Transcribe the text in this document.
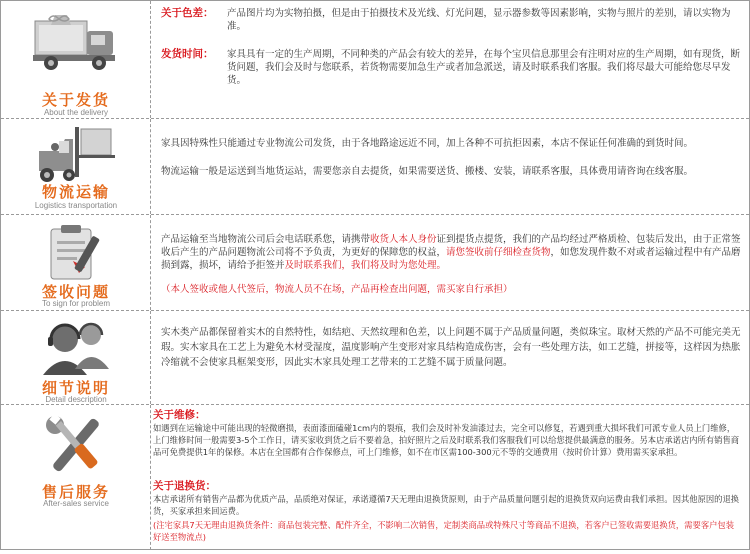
关于发货
About the delivery
关于色差：	产品图片均为实物拍摄，但是由于拍摄技术及光线、灯光问题，显示器参数等因素影响，实物与照片的差别，请以实物为准。
发货时间：	家具具有一定的生产周期，不同种类的产品会有较大的差异，在每个宝贝信息那里会有注明对应的生产周期，如有现货，断货问题，我们会及时与您联系，若货物需要加急生产或者加急派送，请及时联系我们客服。我们将尽最大可能给您尽早发货。
物流运输
Logistics transportation

家具因特殊性只能通过专业物流公司发货，由于各地路途远近不同，加上各种不可抗拒因素，本店不保证任何准确的到货时间。

物流运输一般是运送到当地货运站，需要您亲自去提货，如果需要送货、搬楼、安装，请联系客服，具体费用请咨询在线客服。

签收问题
To sign for problem

产品运输至当地物流公司后会电话联系您，请携带收货人本人身份证到提货点提货，我们的产品均经过严格质检、包装后发出，由于正常签收后产生的产品问题物流公司将不予负责，为更好的保障您的权益，请您签收前仔细检查货物，如您发现件数不对或者运输过程中有产品磨损到露，损坏，请给予拒签并及时联系我们，我们将及时为您处理。

（本人签收或他人代签后，物流人员不在场，产品再检查出问题，需买家自行承担）

细节说明
Detail description

实木类产品都保留着实木的自然特性，如结疤、天然纹理和色差，以上问题不属于产品质量问题，类似珠宝。取材天然的产品不可能完美无瑕。实木家具在工艺上为避免木材受湿度，温度影响产生变形对家具结构造成伤害，会有一些处理方法，如工艺缝，拼接等，这样因为热胀冷缩就不会使家具框架变形，因此实木家具处理工艺带来的工艺缝不属于质量问题。

售后服务
After-sales service

关于维修：

如遇到在运输途中可能出现的轻微磨损，表面漆面磕碰1cm内的裂痕，我们会及时补发油漆过去，完全可以修复，若遇到重大损坏我们可派专业人员上门维修，上门维修时间一般需要3-5个工作日，请买家收到货之后不要着急，拍好照片之后及时联系我们客服我们可以给您提供最满意的服务。另本店承诺店内所有销售商品可免费提供1年的保修。本店在全国都有合作保修点，可上门维修，如不在市区需100-300元不等的交通费用（按时价计算）费用需买家承担。

关于退换货：

本店承诺所有销售产品都为优质产品，品质绝对保证，承诺遵循7天无理由退换货原则，由于产品质量问题引起的退换货双向运费由我们承担。因其他原因的退换货，买家承担来回运费。

(注宅家具7天无理由退换货条件：商品包装完整、配件齐全，不影响二次销售，定制类商品或特殊尺寸等商品不退换，若客户已签收需要退换货，需要客户包装好送至物流点)
